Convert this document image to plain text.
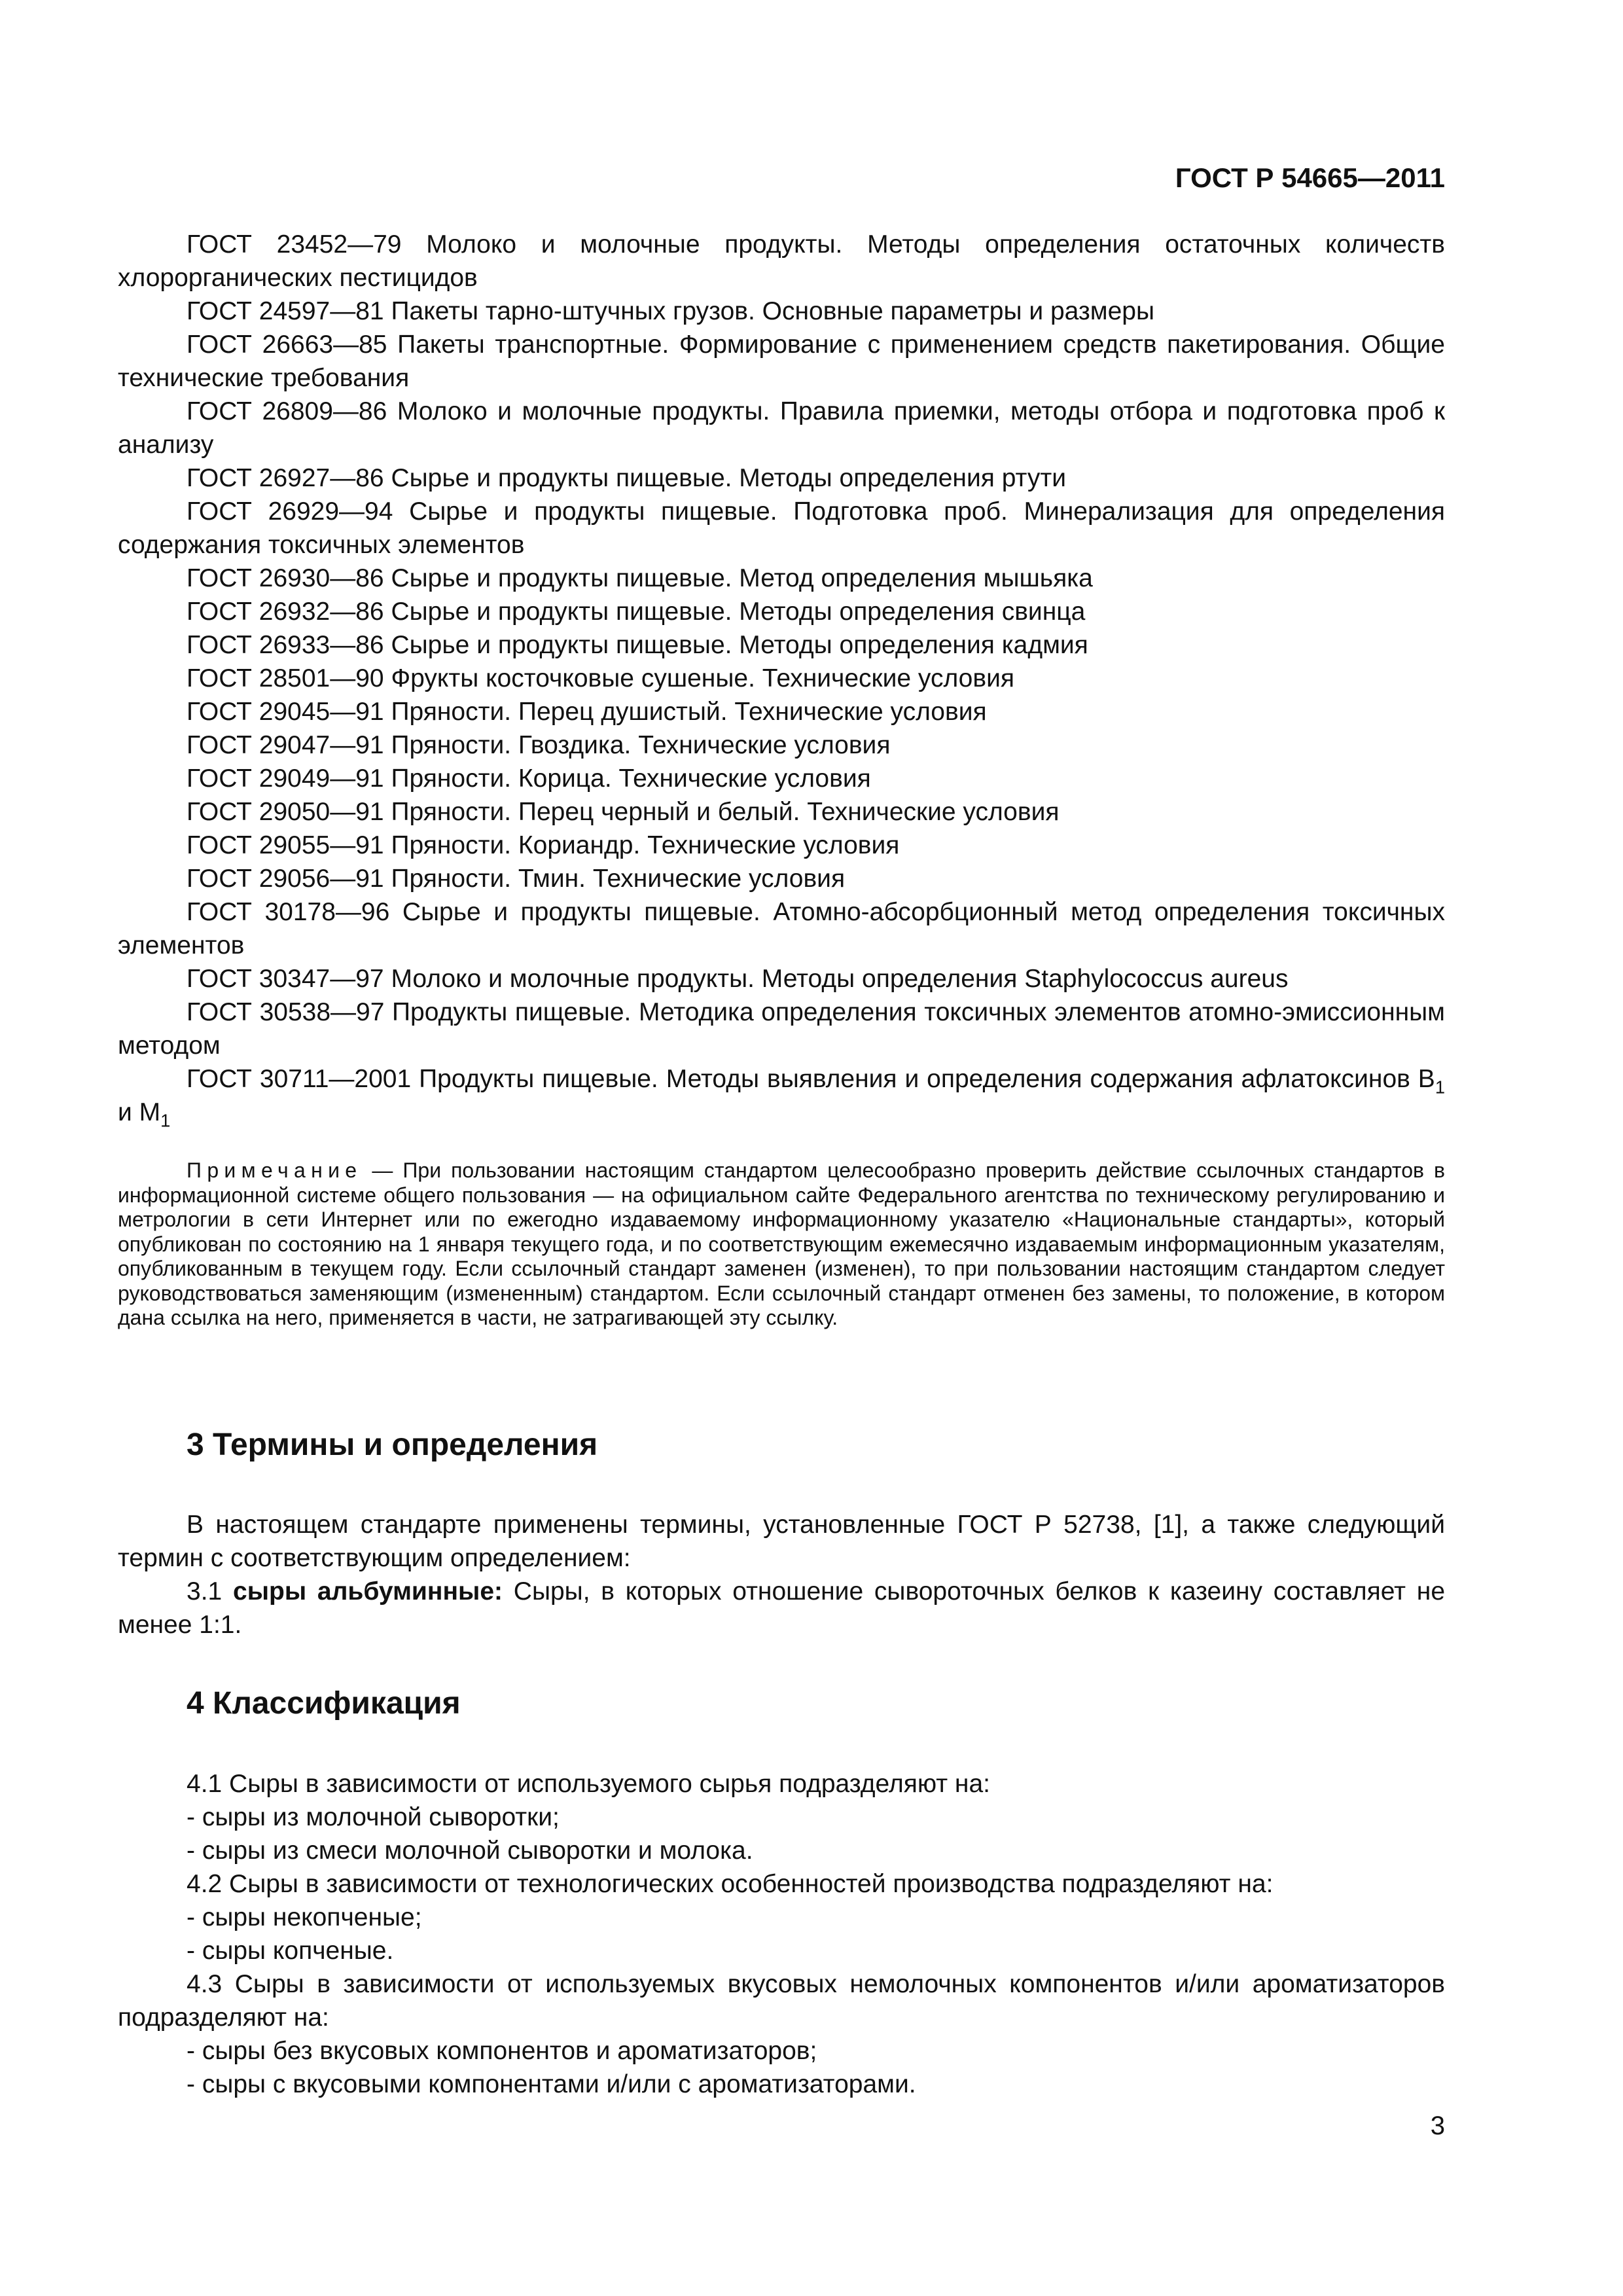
ГОСТ Р 54665—2011
ГОСТ 23452—79 Молоко и молочные продукты. Методы определения остаточных количеств хлорорганических пестицидов
ГОСТ 24597—81 Пакеты тарно-штучных грузов. Основные параметры и размеры
ГОСТ 26663—85 Пакеты транспортные. Формирование с применением средств пакетирования. Общие технические требования
ГОСТ 26809—86 Молоко и молочные продукты. Правила приемки, методы отбора и подготовка проб к анализу
ГОСТ 26927—86 Сырье и продукты пищевые. Методы определения ртути
ГОСТ 26929—94 Сырье и продукты пищевые. Подготовка проб. Минерализация для определения содержания токсичных элементов
ГОСТ 26930—86 Сырье и продукты пищевые. Метод определения мышьяка
ГОСТ 26932—86 Сырье и продукты пищевые. Методы определения свинца
ГОСТ 26933—86 Сырье и продукты пищевые. Методы определения кадмия
ГОСТ 28501—90 Фрукты косточковые сушеные. Технические условия
ГОСТ 29045—91 Пряности. Перец душистый. Технические условия
ГОСТ 29047—91 Пряности. Гвоздика. Технические условия
ГОСТ 29049—91 Пряности. Корица. Технические условия
ГОСТ 29050—91 Пряности. Перец черный и белый. Технические условия
ГОСТ 29055—91 Пряности. Кориандр. Технические условия
ГОСТ 29056—91 Пряности. Тмин. Технические условия
ГОСТ 30178—96 Сырье и продукты пищевые. Атомно-абсорбционный метод определения токсичных элементов
ГОСТ 30347—97 Молоко и молочные продукты. Методы определения Staphylococcus aureus
ГОСТ 30538—97 Продукты пищевые. Методика определения токсичных элементов атомно-эмиссионным методом
ГОСТ 30711—2001 Продукты пищевые. Методы выявления и определения содержания афлатоксинов $B_1$ и $M_1$
Примечание — При пользовании настоящим стандартом целесообразно проверить действие ссылочных стандартов в информационной системе общего пользования — на официальном сайте Федерального агентства по техническому регулированию и метрологии в сети Интернет или по ежегодно издаваемому информационному указателю «Национальные стандарты», который опубликован по состоянию на 1 января текущего года, и по соответствующим ежемесячно издаваемым информационным указателям, опубликованным в текущем году. Если ссылочный стандарт заменен (изменен), то при пользовании настоящим стандартом следует руководствоваться заменяющим (измененным) стандартом. Если ссылочный стандарт отменен без замены, то положение, в котором дана ссылка на него, применяется в части, не затрагивающей эту ссылку.
3 Термины и определения
В настоящем стандарте применены термины, установленные ГОСТ Р 52738, [1], а также следующий термин с соответствующим определением:
3.1 сыры альбуминные: Сыры, в которых отношение сывороточных белков к казеину составляет не менее 1:1.
4 Классификация
4.1 Сыры в зависимости от используемого сырья подразделяют на:
- сыры из молочной сыворотки;
- сыры из смеси молочной сыворотки и молока.
4.2 Сыры в зависимости от технологических особенностей производства подразделяют на:
- сыры некопченые;
- сыры копченые.
4.3 Сыры в зависимости от используемых вкусовых немолочных компонентов и/или ароматизаторов подразделяют на:
- сыры без вкусовых компонентов и ароматизаторов;
- сыры с вкусовыми компонентами и/или с ароматизаторами.
3
